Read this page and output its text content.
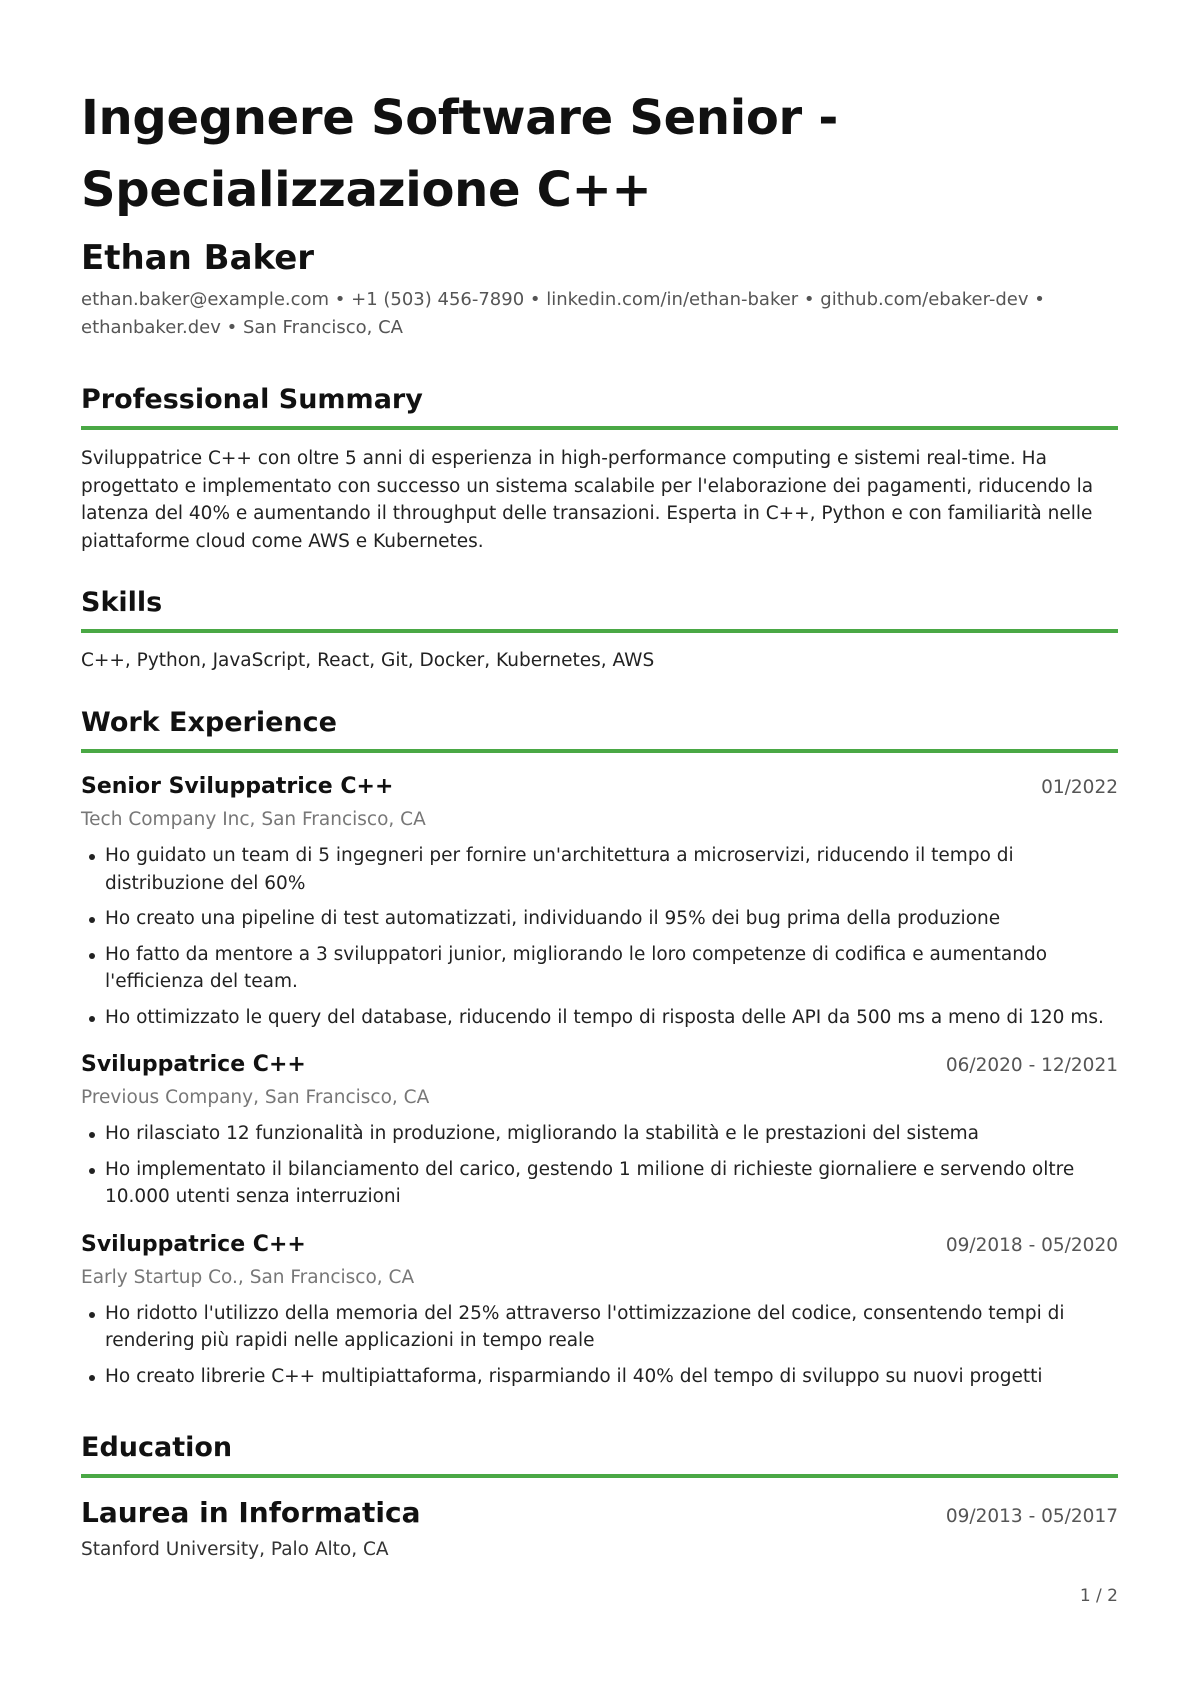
Ingegnere Software Senior -
Specializzazione C++
Ethan Baker

ethan.baker@example.com • +1 (503) 456-7890 • linkedin.com/in/ethan-baker • github.com/ebaker-dev •
ethanbaker.dev • San Francisco, CA

Professional Summary

Sviluppatrice C++ con oltre 5 anni di esperienza in high-performance computing e sistemi real-time. Ha progettato e implementato con successo un sistema scalabile per l'elaborazione dei pagamenti, riducendo la latenza del 40% e aumentando il throughput delle transazioni. Esperta in C++, Python e con familiarità nelle piattaforme cloud come AWS e Kubernetes.

Skills

C++, Python, JavaScript, React, Git, Docker, Kubernetes, AWS

Work Experience
Senior Sviluppatrice C++	01/2022
Tech Company Inc, San Francisco, CA
Ho guidato un team di 5 ingegneri per fornire un'architettura a microservizi, riducendo il tempo di distribuzione del 60%
Ho creato una pipeline di test automatizzati, individuando il 95% dei bug prima della produzione
Ho fatto da mentore a 3 sviluppatori junior, migliorando le loro competenze di codifica e aumentando l'efficienza del team.
Ho ottimizzato le query del database, riducendo il tempo di risposta delle API da 500 ms a meno di 120 ms.
Sviluppatrice C++	06/2020 - 12/2021
Previous Company, San Francisco, CA
Ho rilasciato 12 funzionalità in produzione, migliorando la stabilità e le prestazioni del sistema
Ho implementato il bilanciamento del carico, gestendo 1 milione di richieste giornaliere e servendo oltre 10.000 utenti senza interruzioni
Sviluppatrice C++	09/2018 - 05/2020
Early Startup Co., San Francisco, CA
Ho ridotto l'utilizzo della memoria del 25% attraverso l'ottimizzazione del codice, consentendo tempi di rendering più rapidi nelle applicazioni in tempo reale
Ho creato librerie C++ multipiattaforma, risparmiando il 40% del tempo di sviluppo su nuovi progetti
Education
Laurea in Informatica	09/2013 - 05/2017
Stanford University, Palo Alto, CA
1 / 2
